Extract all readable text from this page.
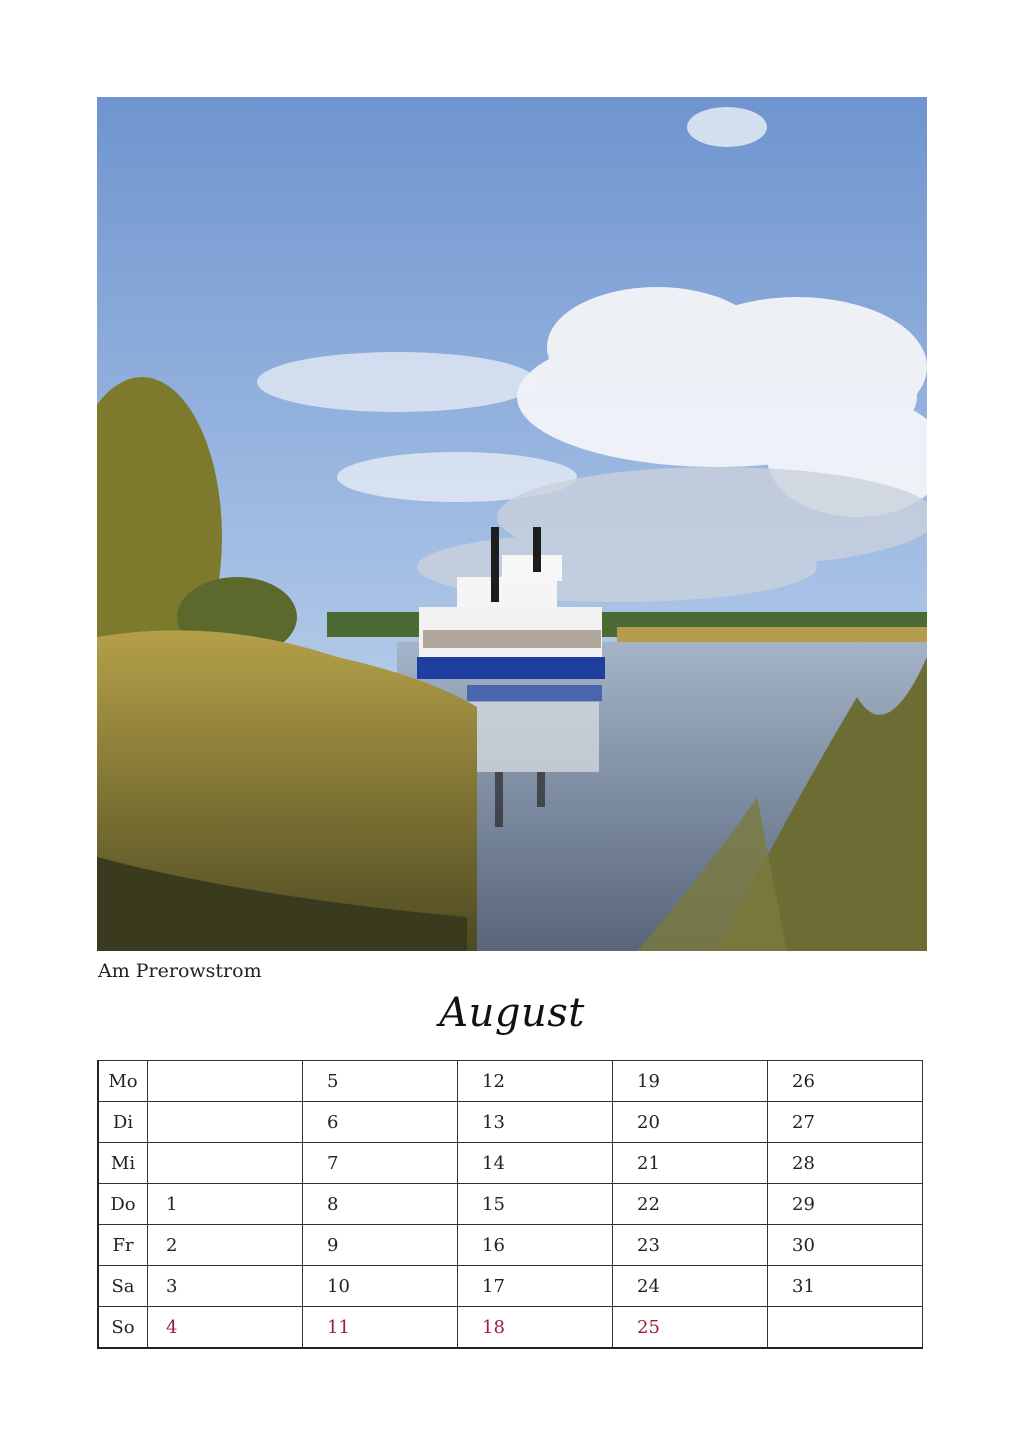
Am Prerowstrom
August
Mo		5	12	19	26
Di		6	13	20	27
Mi		7	14	21	28
Do	1	8	15	22	29
Fr	2	9	16	23	30
Sa	3	10	17	24	31
So	4	11	18	25	
